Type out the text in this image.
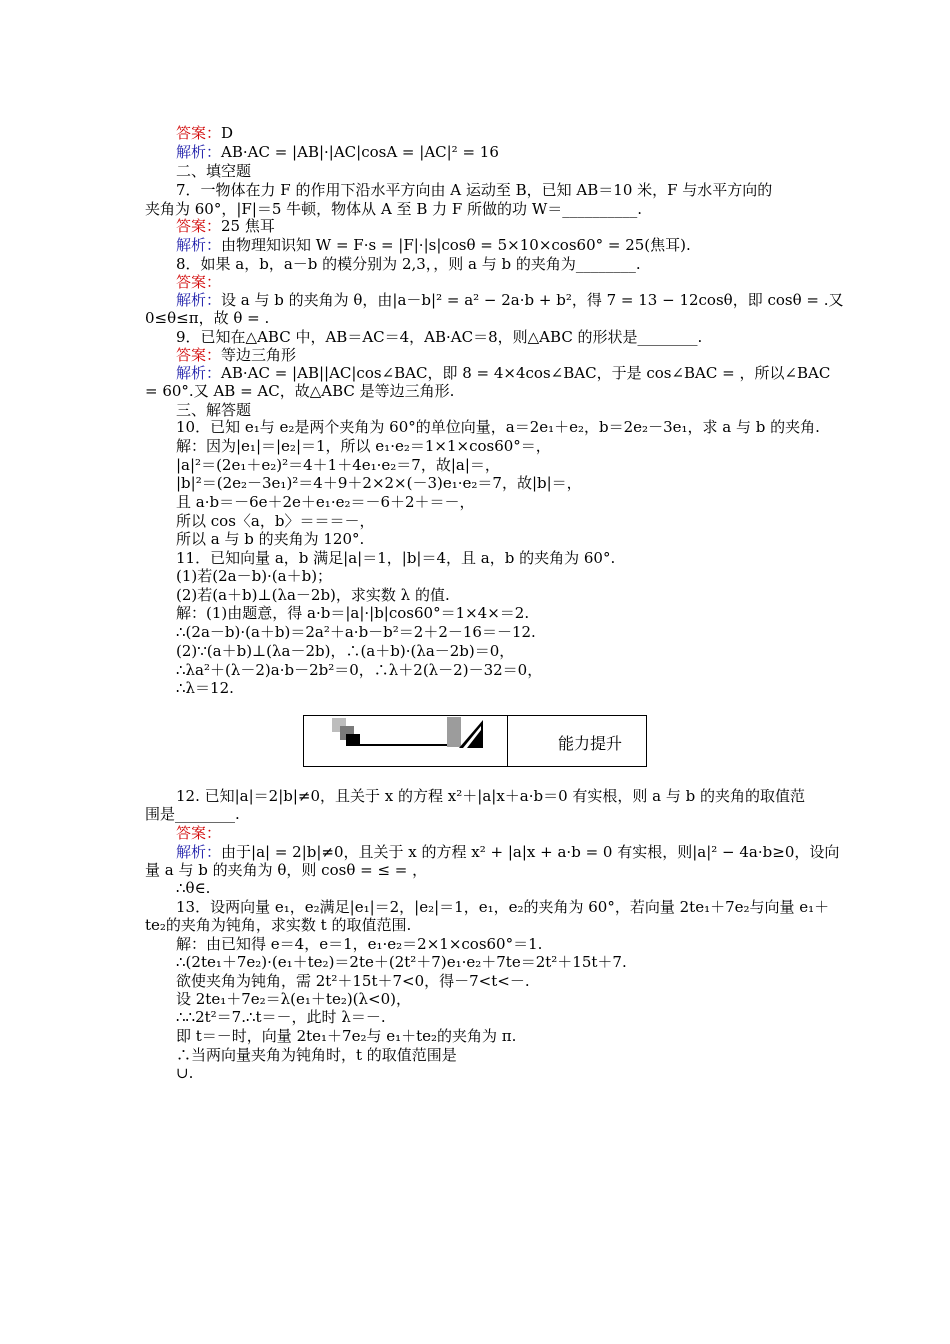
答案：D
解析：AB·AC = |AB|·|AC|cosA = |AC|² = 16
二、填空题
7．一物体在力 F 的作用下沿水平方向由 A 运动至 B，已知 AB＝10 米，F 与水平方向的
夹角为 60°，|F|＝5 牛顿，物体从 A 至 B 力 F 所做的功 W＝__________.
答案：25 焦耳
解析：由物理知识知 W = F·s = |F|·|s|cosθ = 5×10×cos60° = 25(焦耳).
8．如果 a，b，a－b 的模分别为 2,3，，则 a 与 b 的夹角为________.
答案：
解析：设 a 与 b 的夹角为 θ，由|a－b|² = a² − 2a·b + b²，得 7 = 13 − 12cosθ，即 cosθ = .又
0≤θ≤π，故 θ = .
9．已知在△ABC 中，AB＝AC＝4，AB·AC＝8，则△ABC 的形状是________.
答案：等边三角形
解析：AB·AC = |AB||AC|cos∠BAC，即 8 = 4×4cos∠BAC，于是 cos∠BAC = ，所以∠BAC
= 60°.又 AB = AC，故△ABC 是等边三角形.
三、解答题
10．已知 e₁与 e₂是两个夹角为 60°的单位向量，a＝2e₁＋e₂，b＝2e₂－3e₁，求 a 与 b 的夹角.
解：因为|e₁|＝|e₂|＝1，所以 e₁·e₂＝1×1×cos60°＝，
|a|²＝(2e₁＋e₂)²＝4＋1＋4e₁·e₂＝7，故|a|＝，
|b|²＝(2e₂－3e₁)²＝4＋9＋2×2×(－3)e₁·e₂＝7，故|b|＝，
且 a·b＝－6e＋2e＋e₁·e₂＝－6＋2＋＝－，
所以 cos〈a，b〉＝＝＝－，
所以 a 与 b 的夹角为 120°.
11．已知向量 a，b 满足|a|＝1，|b|＝4，且 a，b 的夹角为 60°.
(1)若(2a－b)·(a＋b)；
(2)若(a＋b)⊥(λa－2b)，求实数 λ 的值.
解：(1)由题意，得 a·b＝|a|·|b|cos60°＝1×4×＝2.
∴(2a－b)·(a＋b)＝2a²＋a·b－b²＝2＋2－16＝－12.
(2)∵(a＋b)⊥(λa－2b)，∴(a＋b)·(λa－2b)＝0，
∴λa²＋(λ－2)a·b－2b²＝0，∴λ＋2(λ－2)－32＝0，
∴λ＝12.
12. 已知|a|＝2|b|≠0，且关于 x 的方程 x²＋|a|x＋a·b＝0 有实根，则 a 与 b 的夹角的取值范
围是________.
答案：
解析：由于|a| = 2|b|≠0，且关于 x 的方程 x² + |a|x + a·b = 0 有实根，则|a|² − 4a·b≥0，设向
量 a 与 b 的夹角为 θ，则 cosθ = ≤ = ，
∴θ∈.
13．设两向量 e₁，e₂满足|e₁|＝2，|e₂|＝1，e₁，e₂的夹角为 60°，若向量 2te₁＋7e₂与向量 e₁＋
te₂的夹角为钝角，求实数 t 的取值范围.
解：由已知得 e＝4，e＝1，e₁·e₂＝2×1×cos60°＝1.
∴(2te₁＋7e₂)·(e₁＋te₂)＝2te＋(2t²＋7)e₁·e₂＋7te＝2t²＋15t＋7.
欲使夹角为钝角，需 2t²＋15t＋7<0，得－7<t<－.
设 2te₁＋7e₂＝λ(e₁＋te₂)(λ<0)，
∴∴2t²＝7.∴t＝－，此时 λ＝－.
即 t＝－时，向量 2te₁＋7e₂与 e₁＋te₂的夹角为 π.
∴当两向量夹角为钝角时，t 的取值范围是
∪.
能力提升
